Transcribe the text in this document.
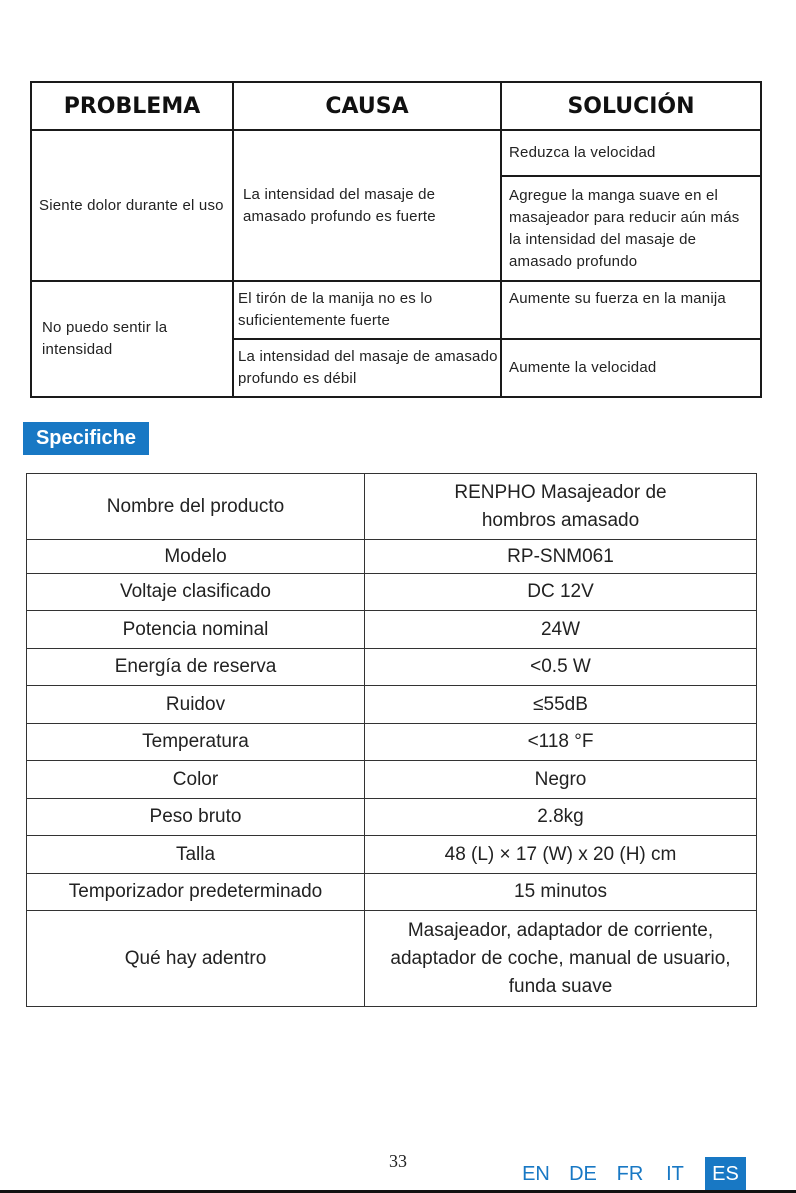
PROBLEMA	CAUSA	SOLUCIÓN
Siente dolor durante el uso	La intensidad del masaje de amasado profundo es fuerte	Reduzca la velocidad
		Agregue la manga suave en el masajeador para reducir aún más la intensidad del masaje de amasado profundo
No puedo sentir la intensidad	El tirón de la manija no es lo suficientemente fuerte	Aumente su fuerza en la manija
	La intensidad del masaje de amasado profundo es débil	Aumente la velocidad
Specifiche
Nombre del producto	RENPHO Masajeador de hombros amasado
Modelo	RP-SNM061
Voltaje clasificado	DC 12V
Potencia nominal	24W
Energía de reserva	<0.5 W
Ruidov	≤55dB
Temperatura	<118 °F
Color	Negro
Peso bruto	2.8kg
Talla	48 (L) × 17 (W) x 20 (H) cm
Temporizador predeterminado	15 minutos
Qué hay adentro	Masajeador, adaptador de corriente, adaptador de coche, manual de usuario, funda suave
33
EN DE FR	IT	ES
